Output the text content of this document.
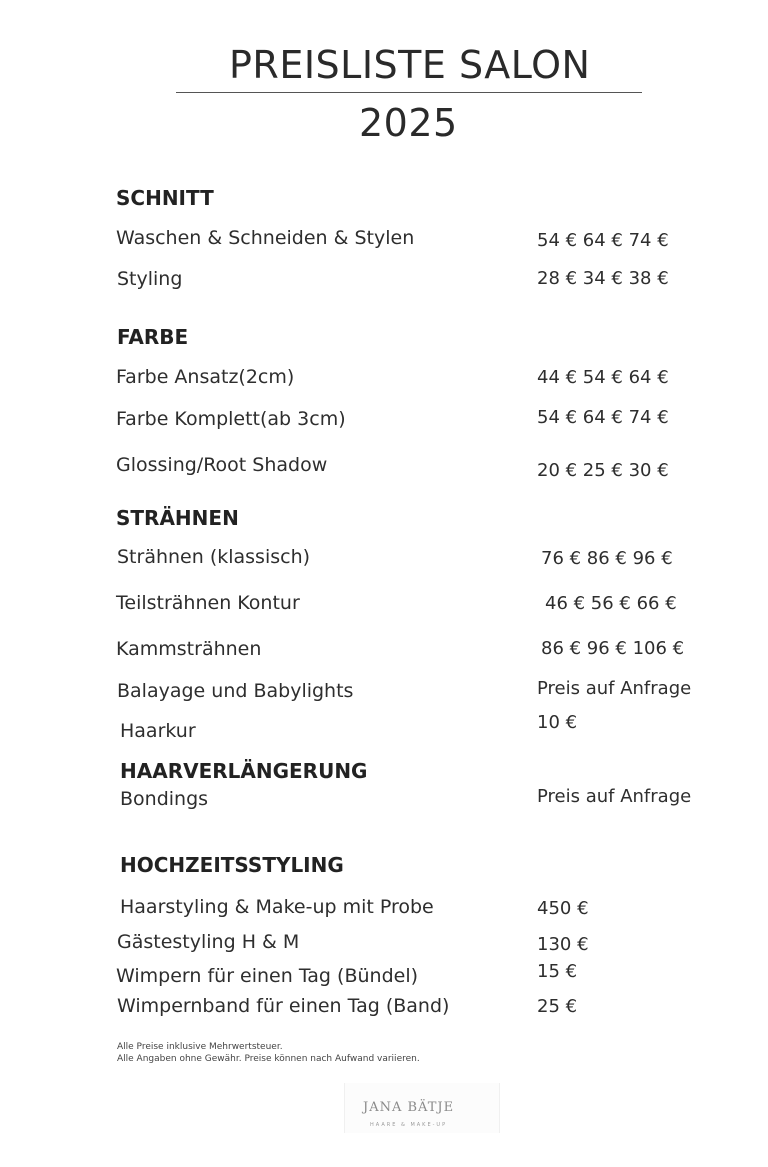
PREISLISTE SALON
2025
SCHNITT
Waschen & Schneiden & Stylen	54 € 64 € 74 €
Styling	28 € 34 € 38 €
FARBE
Farbe Ansatz(2cm)	44 € 54 € 64 €
Farbe Komplett(ab 3cm)	54 € 64 € 74 €
Glossing/Root Shadow	20 € 25 € 30 €
STRÄHNEN
Strähnen (klassisch)	76 € 86 € 96 €
Teilsträhnen Kontur	46 € 56 € 66 €
Kammsträhnen	86 € 96 € 106 €
Balayage und Babylights	Preis auf Anfrage
Haarkur	10 €
HAARVERLÄNGERUNG
Bondings	Preis auf Anfrage
HOCHZEITSSTYLING
Haarstyling & Make-up mit Probe	450 €
Gästestyling H & M	130 €
Wimpern für einen Tag (Bündel)	15 €
Wimpernband für einen Tag (Band)	25 €
Alle Preise inklusive Mehrwertsteuer.
Alle Angaben ohne Gewähr. Preise können nach Aufwand variieren.
JANA BÄTJE
HAARE & MAKE-UP
